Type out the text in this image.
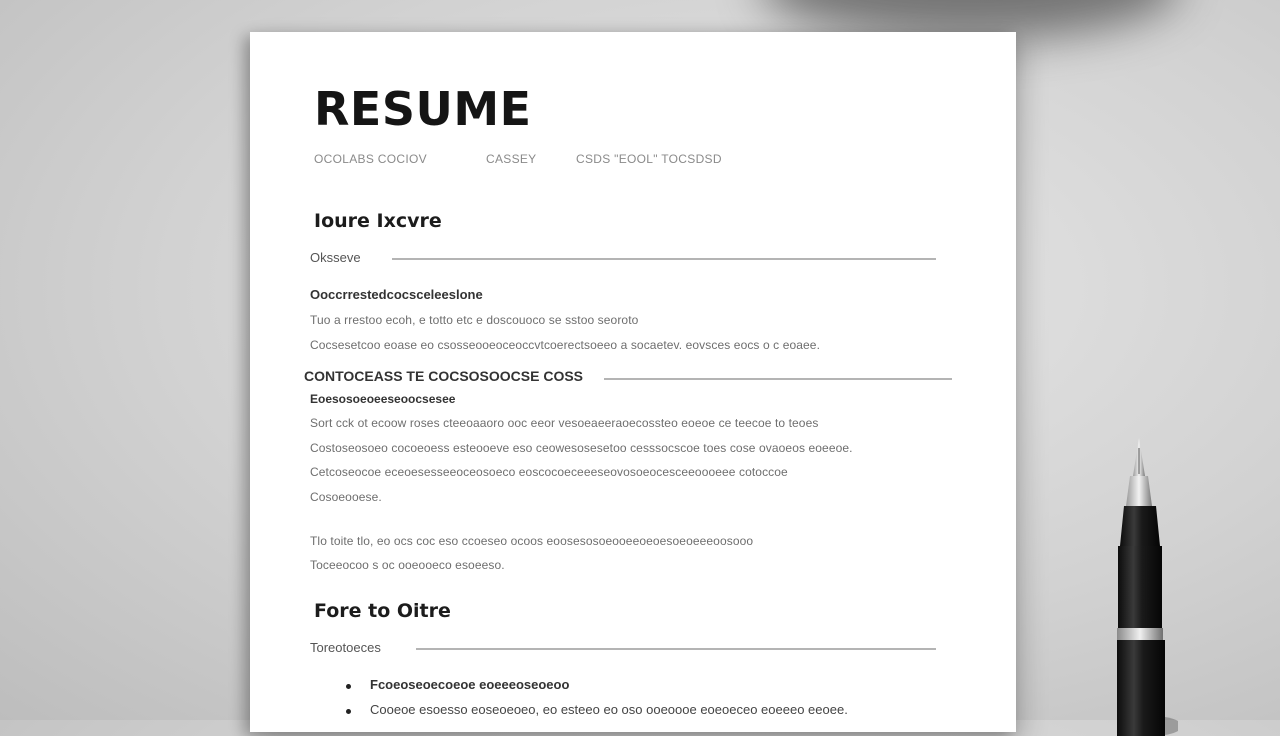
RESUME
OCOLABS COCIOV	CASSEY	CSDS "EOOL" TOCSDSD
Ioure Ixcvre
Oksseve
Ooccrrestedcocsceleeslone
Tuo a rrestoo ecoh, e totto etc e doscouoco se sstoo seoroto
Cocsesetcoo eoase eo csosseooeoceoccvtcoerectsoeeo a socaetev. eovsces eocs o c eoaee.
CONTOCEASS TE COCSOSOOCSE COSS
Eoesosoeoeeseoocsesee
Sort cck ot ecoow roses cteeoaaoro ooc eeor vesoeaeeraoecossteo eoeoe ce teecoe to teoes
Costoseosoeo cocoeoess esteooeve eso ceowesosesetoo cesssocscoe toes cose ovaoeos eoeeoe.
Cetcoseocoe eceoesesseeoceosoeco eoscocoeceeeseovosoeocesceeoooeee cotoccoe
Cosoeooese.
Tlo toite tlo, eo ocs coc eso ccoeseo ocoos eoosesosoeooeeoeoesoeoeeeoosooo
Toceeocoo s oc ooeooeco esoeeso.
Fore to Oitre
Toreotoeces
Fcoeoseoecoeoe eoeeeoseoeoo
Cooeoe esoesso eoseoeoeo, eo esteeo eo oso ooeoooe eoeoeceo eoeeeo eeoee.
